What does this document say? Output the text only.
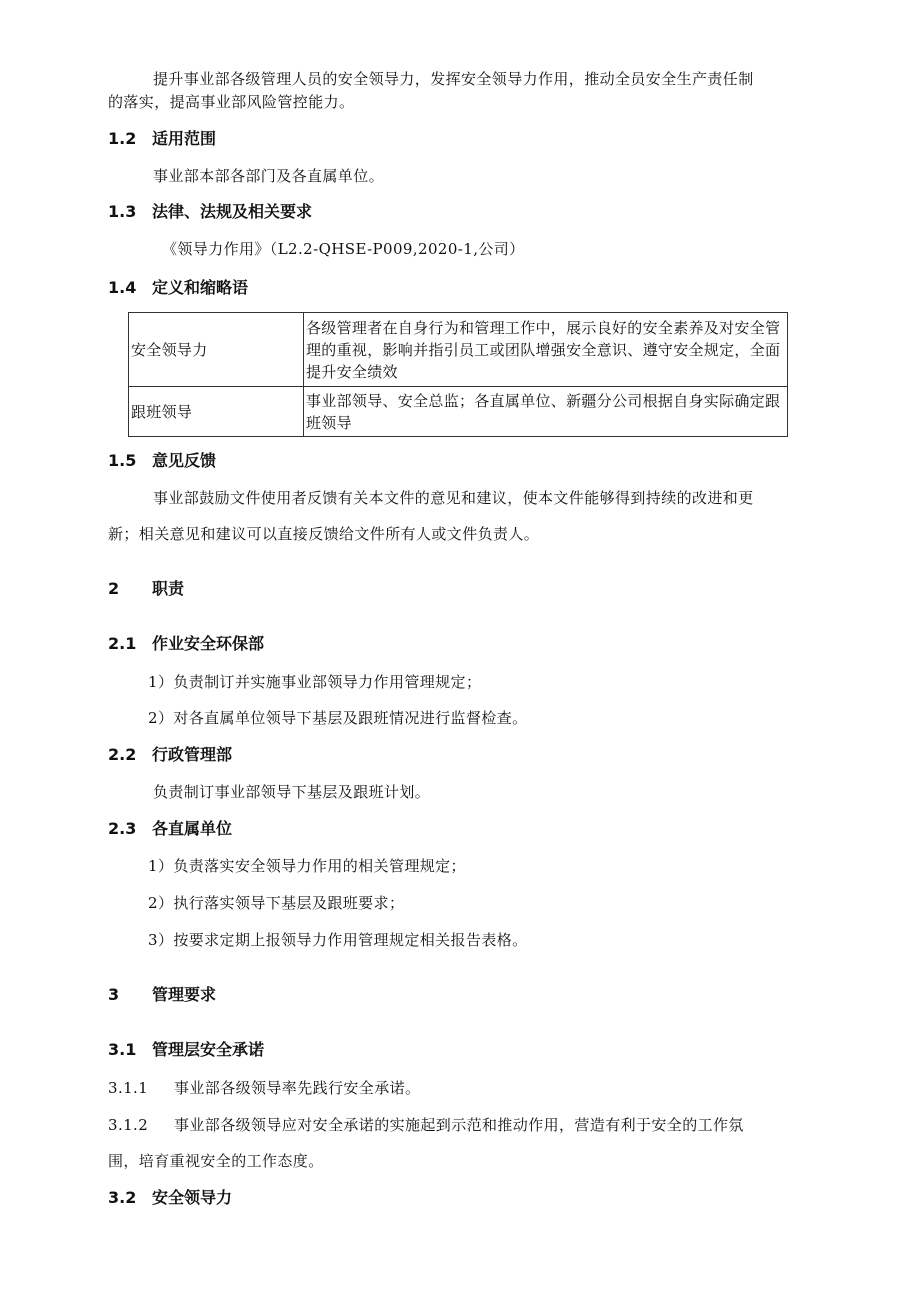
提升事业部各级管理人员的安全领导力，发挥安全领导力作用，推动全员安全生产责任制
的落实，提高事业部风险管控能力。
1.2 适用范围
事业部本部各部门及各直属单位。
1.3 法律、法规及相关要求
《领导力作用》（L2.2-QHSE-P009,2020-1,公司）
1.4 定义和缩略语
安全领导力	各级管理者在自身行为和管理工作中，展示良好的安全素养及对安全管理的重视，影响并指引员工或团队增强安全意识、遵守安全规定，全面提升安全绩效
跟班领导	事业部领导、安全总监；各直属单位、新疆分公司根据自身实际确定跟班领导
1.5 意见反馈
事业部鼓励文件使用者反馈有关本文件的意见和建议，使本文件能够得到持续的改进和更
新；相关意见和建议可以直接反馈给文件所有人或文件负责人。
2 职责
2.1 作业安全环保部
1）负责制订并实施事业部领导力作用管理规定；
2）对各直属单位领导下基层及跟班情况进行监督检查。
2.2 行政管理部
负责制订事业部领导下基层及跟班计划。
2.3 各直属单位
1）负责落实安全领导力作用的相关管理规定；
2）执行落实领导下基层及跟班要求；
3）按要求定期上报领导力作用管理规定相关报告表格。
3 管理要求
3.1 管理层安全承诺
3.1.1 事业部各级领导率先践行安全承诺。
3.1.2 事业部各级领导应对安全承诺的实施起到示范和推动作用，营造有利于安全的工作氛
围，培育重视安全的工作态度。
3.2 安全领导力
